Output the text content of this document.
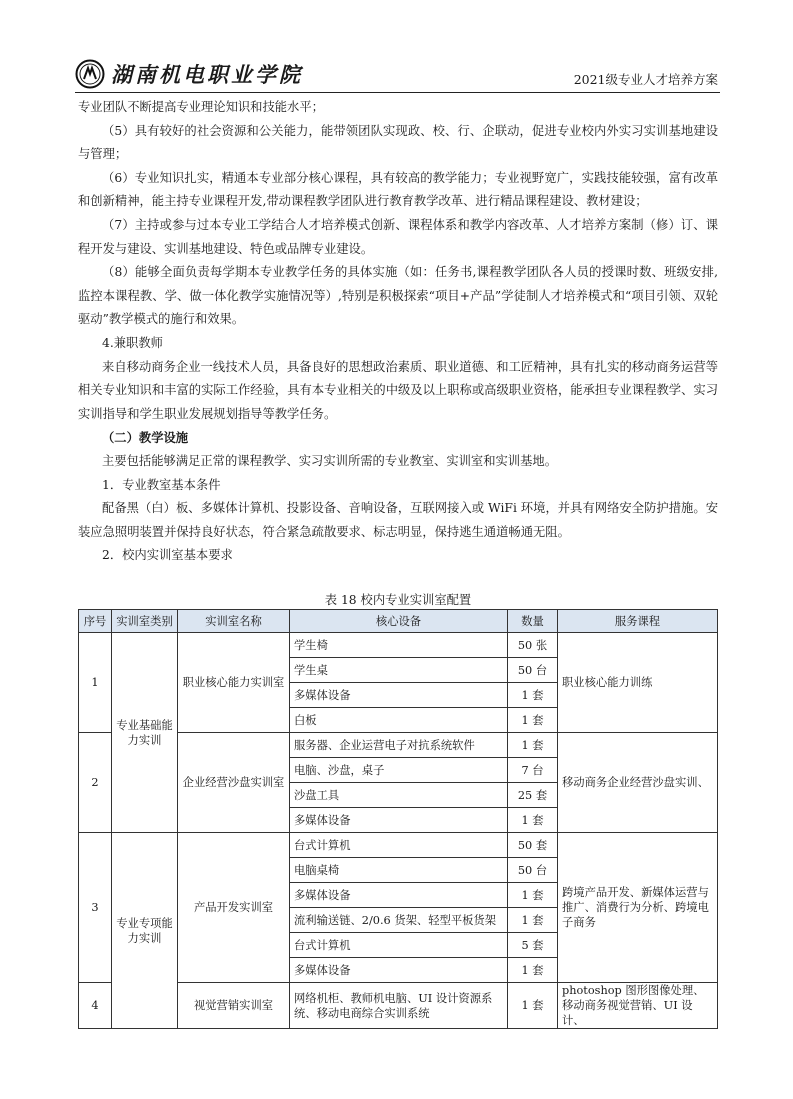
湖南机电职业学院	2021级专业人才培养方案

专业团队不断提高专业理论知识和技能水平；

（5）具有较好的社会资源和公关能力，能带领团队实现政、校、行、企联动，促进专业校内外实习实训基地建设与管理；

（6）专业知识扎实，精通本专业部分核心课程，具有较高的教学能力；专业视野宽广，实践技能较强，富有改革和创新精神，能主持专业课程开发,带动课程教学团队进行教育教学改革、进行精品课程建设、教材建设；

（7）主持或参与过本专业工学结合人才培养模式创新、课程体系和教学内容改革、人才培养方案制（修）订、课程开发与建设、实训基地建设、特色或品牌专业建设。

（8）能够全面负责每学期本专业教学任务的具体实施（如：任务书,课程教学团队各人员的授课时数、班级安排,监控本课程教、学、做一体化教学实施情况等）,特别是积极探索“项目+产品”学徒制人才培养模式和“项目引领、双轮驱动”教学模式的施行和效果。

4.兼职教师

来自移动商务企业一线技术人员，具备良好的思想政治素质、职业道德、和工匠精神，具有扎实的移动商务运营等相关专业知识和丰富的实际工作经验，具有本专业相关的中级及以上职称或高级职业资格，能承担专业课程教学、实习实训指导和学生职业发展规划指导等教学任务。

（二）教学设施

主要包括能够满足正常的课程教学、实习实训所需的专业教室、实训室和实训基地。

1．专业教室基本条件

配备黑（白）板、多媒体计算机、投影设备、音响设备，互联网接入或 WiFi 环境，并具有网络安全防护措施。安装应急照明装置并保持良好状态，符合紧急疏散要求、标志明显，保持逃生通道畅通无阻。

2．校内实训室基本要求

表 18 校内专业实训室配置
序号	实训室类别	实训室名称	核心设备	数量	服务课程
1	专业基础能力实训	职业核心能力实训室	学生椅	50 张	职业核心能力训练
			学生桌	50 台	
			多媒体设备	1 套	
			白板	1 套	
2		企业经营沙盘实训室	服务器、企业运营电子对抗系统软件	1 套	移动商务企业经营沙盘实训、
			电脑、沙盘，桌子	7 台	
			沙盘工具	25 套	
			多媒体设备	1 套	
3	专业专项能力实训	产品开发实训室	台式计算机	50 套	跨境产品开发、新媒体运营与推广、消费行为分析、跨境电子商务
			电脑桌椅	50 台	
			多媒体设备	1 套	
			流利输送链、2/0.6 货架、轻型平板货架	1 套	
			台式计算机	5 套	
			多媒体设备	1 套	
4		视觉营销实训室	网络机柜、教师机电脑、UI 设计资源系统、移动电商综合实训系统	1 套	photoshop 图形图像处理、移动商务视觉营销、UI 设计、
